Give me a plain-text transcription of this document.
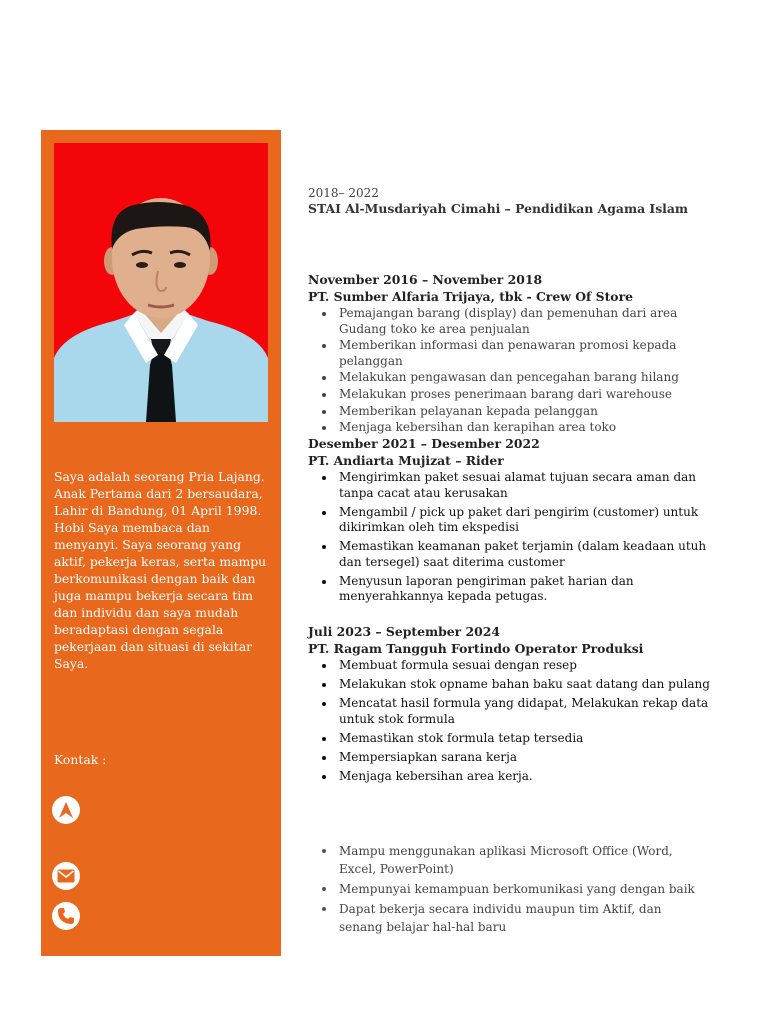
Saya adalah seorang Pria Lajang. Anak Pertama dari 2 bersaudara, Lahir di Bandung, 01 April 1998. Hobi Saya membaca dan menyanyi. Saya seorang yang aktif, pekerja keras, serta mampu berkomunikasi dengan baik dan juga mampu bekerja secara tim dan individu dan saya mudah beradaptasi dengan segala pekerjaan dan situasi di sekitar Saya.

Kontak :
2018– 2022
STAI Al-Musdariyah Cimahi – Pendidikan Agama Islam
November 2016 – November 2018
PT. Sumber Alfaria Trijaya, tbk - Crew Of Store
Pemajangan barang (display) dan pemenuhan dari area Gudang toko ke area penjualan
Memberikan informasi dan penawaran promosi kepada pelanggan
Melakukan pengawasan dan pencegahan barang hilang
Melakukan proses penerimaan barang dari warehouse
Memberikan pelayanan kepada pelanggan
Menjaga kebersihan dan kerapihan area toko
Desember 2021 – Desember 2022
PT. Andiarta Mujizat – Rider
Mengirimkan paket sesuai alamat tujuan secara aman dan tanpa cacat atau kerusakan
Mengambil / pick up paket dari pengirim (customer) untuk dikirimkan oleh tim ekspedisi
Memastikan keamanan paket terjamin (dalam keadaan utuh dan tersegel) saat diterima customer
Menyusun laporan pengiriman paket harian dan menyerahkannya kepada petugas.
Juli 2023 – September 2024
PT. Ragam Tangguh Fortindo Operator Produksi
Membuat formula sesuai dengan resep
Melakukan stok opname bahan baku saat datang dan pulang
Mencatat hasil formula yang didapat, Melakukan rekap data untuk stok formula
Memastikan stok formula tetap tersedia
Mempersiapkan sarana kerja
Menjaga kebersihan area kerja.
Mampu menggunakan aplikasi Microsoft Office (Word, Excel, PowerPoint)
Mempunyai kemampuan berkomunikasi yang dengan baik
Dapat bekerja secara individu maupun tim Aktif, dan senang belajar hal-hal baru
